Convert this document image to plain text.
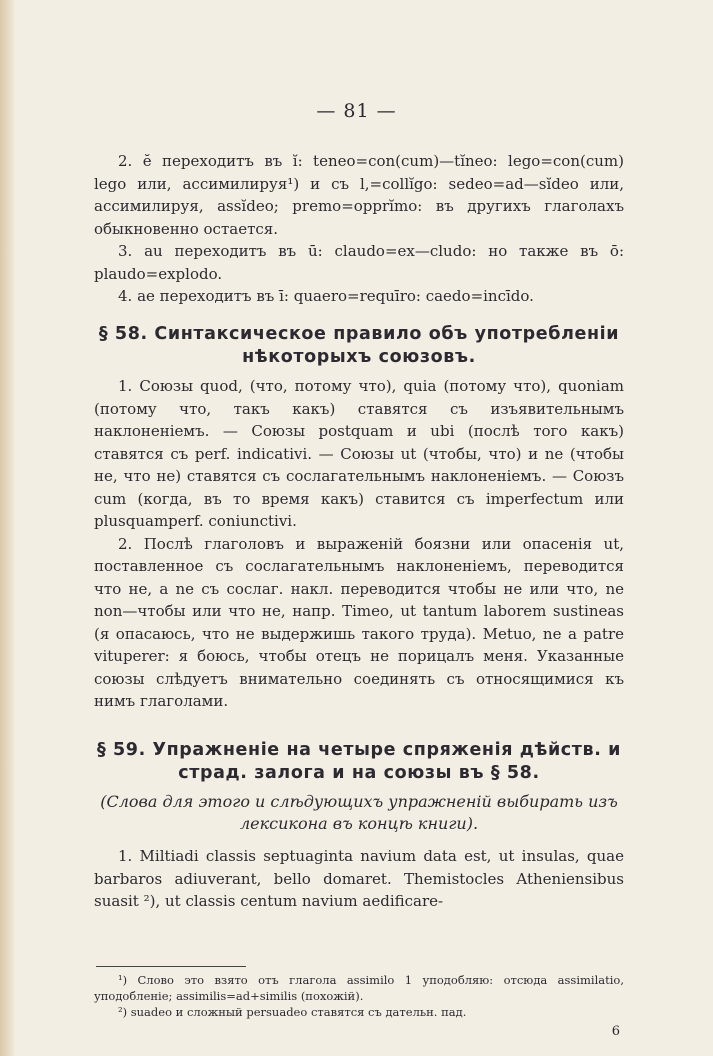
— 81 —

2. ĕ переходитъ въ ĭ: teneo=con(cum)—tĭneo: lego=con(cum) lego или, ассимилируя¹) и съ l,=collĭgo: sedeo=ad—sĭdeo или, ассимилируя, assĭdeo; premo=opprĭmo: въ другихъ глаголахъ обыкновенно остается.

3. au переходитъ въ ū: claudo=ex—cludo: но также въ ō: plaudo=explodo.

4. ae переходитъ въ ī: quaero=requīro: caedo=incīdo.

§ 58. Синтаксическое правило объ употребленіи нѣкоторыхъ союзовъ.

1. Союзы quod, (что, потому что), quia (потому что), quoniam (потому что, такъ какъ) ставятся съ изъявительнымъ наклоненіемъ. — Союзы postquam и ubi (послѣ того какъ) ставятся съ perf. indicativi. — Союзы ut (чтобы, что) и ne (чтобы не, что не) ставятся съ сослагательнымъ наклоненіемъ. — Союзъ cum (когда, въ то время какъ) ставится съ imperfectum или plusquamperf. coniunctivi.

2. Послѣ глаголовъ и выраженій боязни или опасенія ut, поставленное съ сослагательнымъ наклоненіемъ, переводится что не, а ne съ сослаг. накл. переводится чтобы не или что, ne non—чтобы или что не, напр. Timeo, ut tantum laborem sustineas (я опасаюсь, что не выдержишь такого труда). Metuo, ne a patre vituperer: я боюсь, чтобы отецъ не порицалъ меня. Указанные союзы слѣдуетъ внимательно соединять съ относящимися къ нимъ глаголами.

§ 59. Упражненіе на четыре спряженія дѣйств. и страд. залога и на союзы въ § 58.
(Слова для этого и слѣдующихъ упражненій выбирать изъ лексикона въ концѣ книги).

1. Miltiadi classis septuaginta navium data est, ut insulas, quae barbaros adiuverant, bello domaret. Themistocles Atheniensibus suasit ²), ut classis centum navium aedificare-

¹) Слово это взято отъ глагола assimilo 1 уподобляю: отсюда assimilatio, уподобленіе; assimilis=ad+similis (похожій).

²) suadeo и сложный persuadeo ставятся съ дательн. пад.

6
